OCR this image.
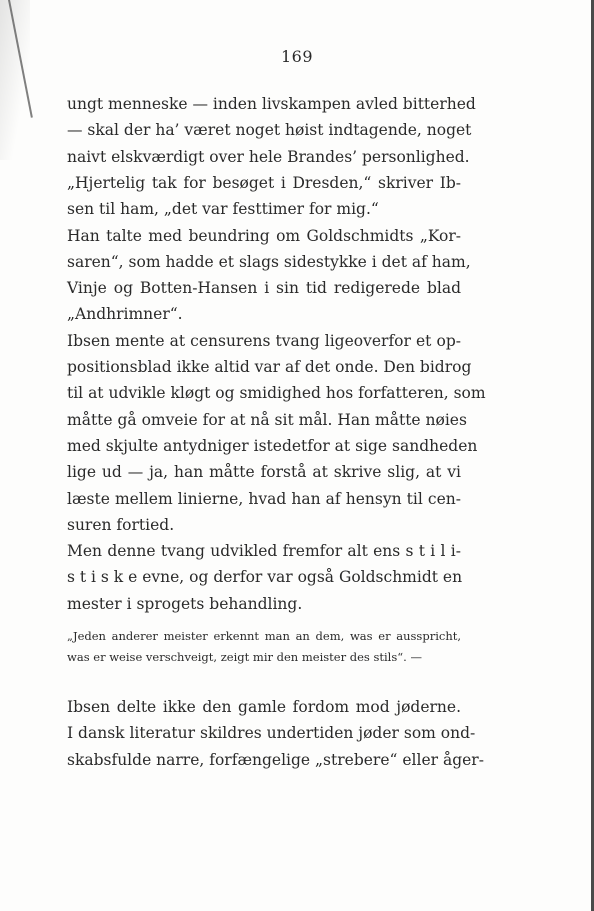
169
ungt menneske — inden livskampen avled bitterhed
— skal der ha’ været noget høist indtagende, noget
naivt elskværdigt over hele Brandes’ personlighed.
„Hjertelig tak for besøget i Dresden,“ skriver Ib-
sen til ham, „det var festtimer for mig.“
Han talte med beundring om Goldschmidts „Kor-
saren“, som hadde et slags sidestykke i det af ham,
Vinje og Botten-Hansen i sin tid redigerede blad
„Andhrimner“.
Ibsen mente at censurens tvang ligeoverfor et op-
positionsblad ikke altid var af det onde. Den bidrog
til at udvikle kløgt og smidighed hos forfatteren, som
måtte gå omveie for at nå sit mål. Han måtte nøies
med skjulte antydniger istedetfor at sige sandheden
lige ud — ja, han måtte forstå at skrive slig, at vi
læste mellem linierne, hvad han af hensyn til cen-
suren fortied.
Men denne tvang udvikled fremfor alt ens s t i l i-
s t i s k e evne, og derfor var også Goldschmidt en
mester i sprogets behandling.
„Jeden anderer meister erkennt man an dem, was er ausspricht,
was er weise verschveigt, zeigt mir den meister des stils“. —
Ibsen delte ikke den gamle fordom mod jøderne.
I dansk literatur skildres undertiden jøder som ond-
skabsfulde narre, forfængelige „strebere“ eller åger-
